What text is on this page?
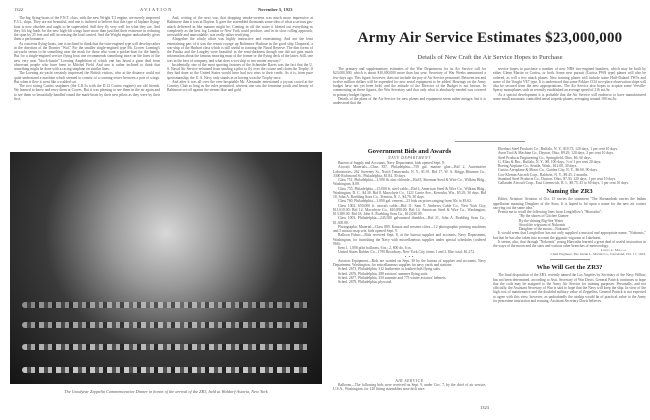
1322	AVIATION	November 5, 1923

The big flying-boats of the F.N.T. class, with the new Wright T.3 engine, are merely improved F.5.L. ships. They are not beautiful, and one is inclined to believe that this type of biplane flying-boat is now obsolete and ought to be superseded. Still they fly very well for what they are. And they lift big loads for the new high-lift wings have more than justified their existence in reducing the span by 25 feet and still increasing the load carried. And the Wright engine undoubtedly gives them a performance.

As concerns flying-boats, one is inclined to think that the twin-engined type will develop rather in the direction of the Dornier "Wal." For the smaller single-engined type Mr. Grover Loening's air-yacht seems to be something near the mark for those who want a pocket-boat for the family. But for a single-engined service flying boat one recommends something more on the lines of the new very neat "block-bustin" Loening Amphibian of which one has heard a great deal from observant people who have been to Mitchel Field. And one is rather inclined to think that something might be done with a racing seaplane on similar lines.

The Loening air-yacht certainly impressed the British visitors, who at the distance could not quite understand a machine which seemed to consist of a conning-tower between a pair of wings. But when it flew it went like a scalded cat.

The two racing Curtiss seaplanes (the C.R.3s with the D.12 Curtiss engines) are old friends. We learned to know and envy them at Cowes. But it was pleasing to see them in the air again and to see them so beautifully handled round the mark-boats by their new pilots as they were by their first.

And, writing of the next war, that dropping smoke-screens was much more impressive at Baltimore than it was at Dayton. It gave the assembled thousands some idea of what a serious gas-attack delivered in like manner might be. Coming in off the water it blotted out everything as completely as the best fog London or New York could produce, and in its slow rolling approach, irresistible and unavoidable, was really rather terrifying.

Altogether the whole affair was highly instructive and entertaining. And not the least entertaining part of it was the return voyage up Baltimore Harbour in the good ship Chaparral, a war-ship of the Hudson class which is still useful in training the Naval Reserve. The dim forms of the Patoka and the Langley were beautiful in the semi-darkness though one did not gain much information about the famous mooring mast of the former or the flying deck of the latter. Still, one was in the best of company, and what does a wet ship or two matter anyway?

Incidentally, one of the most sporting features of the Schneider Races was the fact that the U. S. Naval Air Service refrained from sending a pilot to fly over the course and claim the Trophy. If they had done so the United States would have had two wins to their credit. As it is, from pure sportsmanship, the U. S. Navy only stands in as having won the Trophy once.

And after it was all over the ever-hospitable Mr. Alexander entertained a joyous crowd at the Country Club as long as the rules permitted, whereat one saw the feminine youth and beauty of Baltimore set off against the sterner blue and gold.

The Goodyear Zeppelin Commemorative Dinner in honor of the arrival of the ZR3, held at Waldorf-Astoria, New York
Army Air Service Estimates $23,000,000
Details of New Craft the Air Service Hopes to Purchase

The primary and supplementary estimates of the War Department for its Air Service call for $23,000,000, which is about $10,000,000 more than last year, Secretary of War Weeks announced a few days ago. This figure, however, does not include the pay of Air Service personnel. Between ten and twelve million dollars will be expended for new aerial equipment to be added. Hearings on the Army budget have not yet been held, and the attitude of the Director of the Budget is not known. In commenting on these figures, the War Secretary said that only what is absolutely needed was covered in primary budget figures.

Details of the plans of the Air Service for new planes and equipment seem rather meagre, but it is understood that the

service hopes to purchase a number of new NBS two-engined bombers, which may be built by either Glenn Martin or Curtiss, or both. Some new pursuit (Curtiss PW8 type) planes will also be ordered, as will a few attack planes. New training planes will include some Huff-Daland TW5s and some of the Vought VE7 type. It is understood that some Fokker CO4 two-place observation ships will also be secured from the new appropriations. The Air Service also hopes to acquire some Verville-Sperry monoplanes such as recently established an average speed of 216 mi./hr.

As a special development it is probable that the Air Service will endeavor to have manufactured some small automatic controlled aerial torpedo planes, averaging around 100 mi./hr.

Government Bids and Awards
NAVY DEPARTMENT

Bureau of Supply and Accounts, Navy Department, bids opened Sept. 9:

Aircraft Materials—Class 837, Philadelphia—750 gal. marine glue—Bid 2, Automotive Laboratories, 262 Sweeney St., North Tonawanda, N. Y., $1.91. Bid 17, W. A. Briggs Bitumen Co., 3300 Richmond St., Philadelphia, $1.84, 30 days.

Class 751, Philadelphia—1,500 lb. zinc chloride—Bid 8, Sherman Steel & Wire Co., Wilkins Bldg., Washington, $.08.

Class 755, Philadelphia—15,000 ft. steel cable—Bid 4, American Steel & Wire Co., Wilkins Bldg., Washington, D. C., $4.30. Bid 8, Macwhyte Co., 1221 Carrie Ave., Kenosha, Wis., $5.29, 30 days. Bid 18, John A. Roebling Sons Co., Trenton, N. J., $4.76, 30 days.

Class 760, Philadelphia—1,000 gal. cement—23 bids on prices ranging from 30c to $3.62.

Class 1002, 650,000 ft. aircraft cable—Bid 11, Sam T. Andrews Cable Co., New York City, $11,610.00; Bid 12, Macwhyte Co., $10,890.00; Bid 14, American Steel & Wire Co., Washington, $13,380.00. Bid 18, John A. Roebling Sons Co., $12,030.00.

Class 1003, Philadelphia—245,500 galvanized thimbles—Bid 21, John A. Roebling Sons Co., $1,300.00.

Photographic Material—Class 809, Kansas and western cities—12 photographic printing machines and 5 mosaic map sets, bids opened Sept. 9.

Balloon Fabric—Bids received Sept. 8, at the bureau supplies and accounts, Navy Department, Washington, for furnishing the Navy with miscellaneous supplies under special schedules (ordered 966):

Item 1, 1,000 pilot balloons, 6 in.; 2, 800 do, 6 in.

United States Rubber Co., 1790 Broadway, New York City, items 1 and 2, $lte; total, $1,272.

• • •

Aviators Equipment—Bids are wanted on Sept. 30 by the bureau of supplies and accounts, Navy Department, Washington, for miscellaneous supplies for navy yards and stations:

Sched. 2673, Philadelphia, 312 leatherette or leathercloth flying suits.

Sched. 2676, Philadelphia, 288 aviators' summer flying suits.

Sched. 2677, Philadelphia, 350 summer and 775 winter aviators' helmets.

Sched. 2679, Philadelphia, plywood.

AIR SERVICE

Balloons—The following bids were received on Sept. 9, under Circ. 7, by the chief of air service, U.S.A., Washington, for 120 fitting assemblies nose drift wire:

Eberhart Steel Products Co., Buffalo, N. Y., $10.73, 120 days, 1 per cent 10 days.

Avon Tool & Machine Co., Dayton, Ohio, $9.29, 120 days, 2 per cent 10 days.

Steel Products Engineering Co., Springfield, Ohio, $6, 60 days.

G. Elias & Bro., Buffalo, N. Y., $8, 100 days, ½ of 1 per cent 20 days.

Boeing Airplane Co., Seattle, Wash., $12.00, 30 days.

Curtiss Aeroplane & Motor Co., Garden City, N. Y., $6.60, 90 days.

Cox-Klemin Aircraft Corp., Baldwin, N. Y., $9.45, 2 months.

Standard Steel Products Co., Dayton, Ohio, $7.30, 120 days, 1 per cent 10 days.

Gallaudet Aircraft Corp., East Greenwich, R. I., $8.75, 45 to 60 days, 1 per cent 10 days.

Naming the ZR3

Editor, Aviation: Aviation of Oct. 15 carries the statement "The Shenandoah carries the Indian appellation meaning Daughter of the Stars. It is hoped to hit upon a name for the new air cruiser carrying out the same idea."

Permit me to recall the following lines from Longfellow's "Hiawatha":

"By the shores of Gitchee Gumee
By the shining Big-Sea-Water
Stood the wigwam of Nokomis
Daughter of the moon—Nokomis"

It would seem that Longfellow has not only supplied a musical and appropriate name, "Nokomis," but that he has also taken into account the gigantic wigwam at Lakehurst.

It seems, also, that through "Nokomis" young Hiawatha learned a great deal of useful instruction in the ways of the moon and the stars and various other branches of meteorology.

Lemuel C. Mulacas
Chief Engineer, The Glenn L. Martin Co., Cleveland, Oct. 17, 1923.
Who Will Get the ZR3?

The final disposition of the ZR3, recently named the Los Angeles by Secretary of the Navy Wilbur, has not been determined, according to Asst. Secretary of War Davis. General Patrick continues to hope that the craft may be assigned to the Army Air Service for training purposes. Personally, and not officially, the Assistant Secretary of War is said to hope that the Navy will keep the ship. In view of the high cost of maintenance and the doubtful military value of Zeppelins, General Patrick is not expected to agree with this view, however, as undoubtedly the airship would be of practical value to the Army for peacetime instruction and training, Assistant Secretary Davis believes.

1323
